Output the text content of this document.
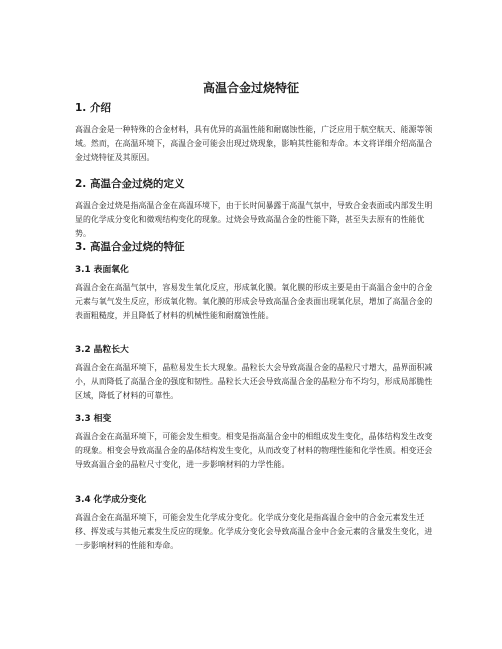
高温合金过烧特征
1. 介绍

高温合金是一种特殊的合金材料，具有优异的高温性能和耐腐蚀性能，广泛应用于航空航天、能源等领域。然而，在高温环境下，高温合金可能会出现过烧现象，影响其性能和寿命。本文将详细介绍高温合金过烧特征及其原因。

2. 高温合金过烧的定义

高温合金过烧是指高温合金在高温环境下，由于长时间暴露于高温气氛中，导致合金表面或内部发生明显的化学成分变化和微观结构变化的现象。过烧会导致高温合金的性能下降，甚至失去原有的性能优势。

3. 高温合金过烧的特征
3.1 表面氧化

高温合金在高温气氛中，容易发生氧化反应，形成氧化膜。氧化膜的形成主要是由于高温合金中的合金元素与氧气发生反应，形成氧化物。氧化膜的形成会导致高温合金表面出现氧化层，增加了高温合金的表面粗糙度，并且降低了材料的机械性能和耐腐蚀性能。

3.2 晶粒长大

高温合金在高温环境下，晶粒易发生长大现象。晶粒长大会导致高温合金的晶粒尺寸增大，晶界面积减小，从而降低了高温合金的强度和韧性。晶粒长大还会导致高温合金的晶粒分布不均匀，形成局部脆性区域，降低了材料的可靠性。

3.3 相变

高温合金在高温环境下，可能会发生相变。相变是指高温合金中的相组成发生变化，晶体结构发生改变的现象。相变会导致高温合金的晶体结构发生变化，从而改变了材料的物理性能和化学性质。相变还会导致高温合金的晶粒尺寸变化，进一步影响材料的力学性能。

3.4 化学成分变化

高温合金在高温环境下，可能会发生化学成分变化。化学成分变化是指高温合金中的合金元素发生迁移、挥发或与其他元素发生反应的现象。化学成分变化会导致高温合金中合金元素的含量发生变化，进一步影响材料的性能和寿命。
